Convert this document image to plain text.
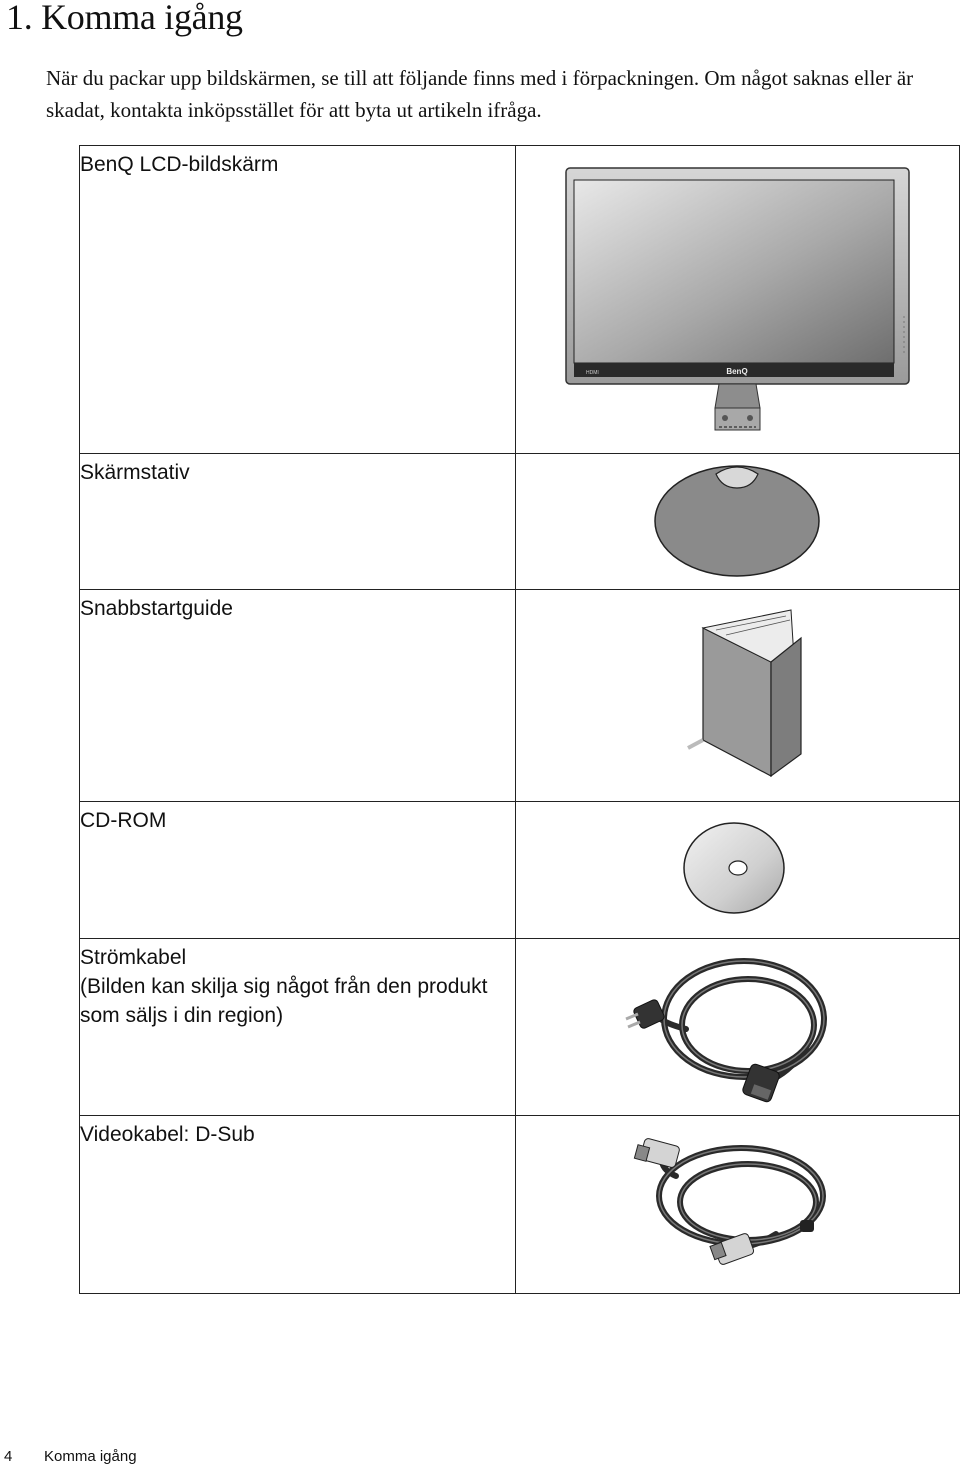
1. Komma igång

När du packar upp bildskärmen, se till att följande finns med i förpackningen. Om något saknas eller är skadat, kontakta inköpsstället för att byta ut artikeln ifråga.

BenQ LCD-bildskärm	BenQ
HDMI

Skärmstativ

Snabbstartguide

CD-ROM

Strömkabel
(Bilden kan skilja sig något från den produkt som säljs i din region)

Videokabel: D-Sub

4 Komma igång
